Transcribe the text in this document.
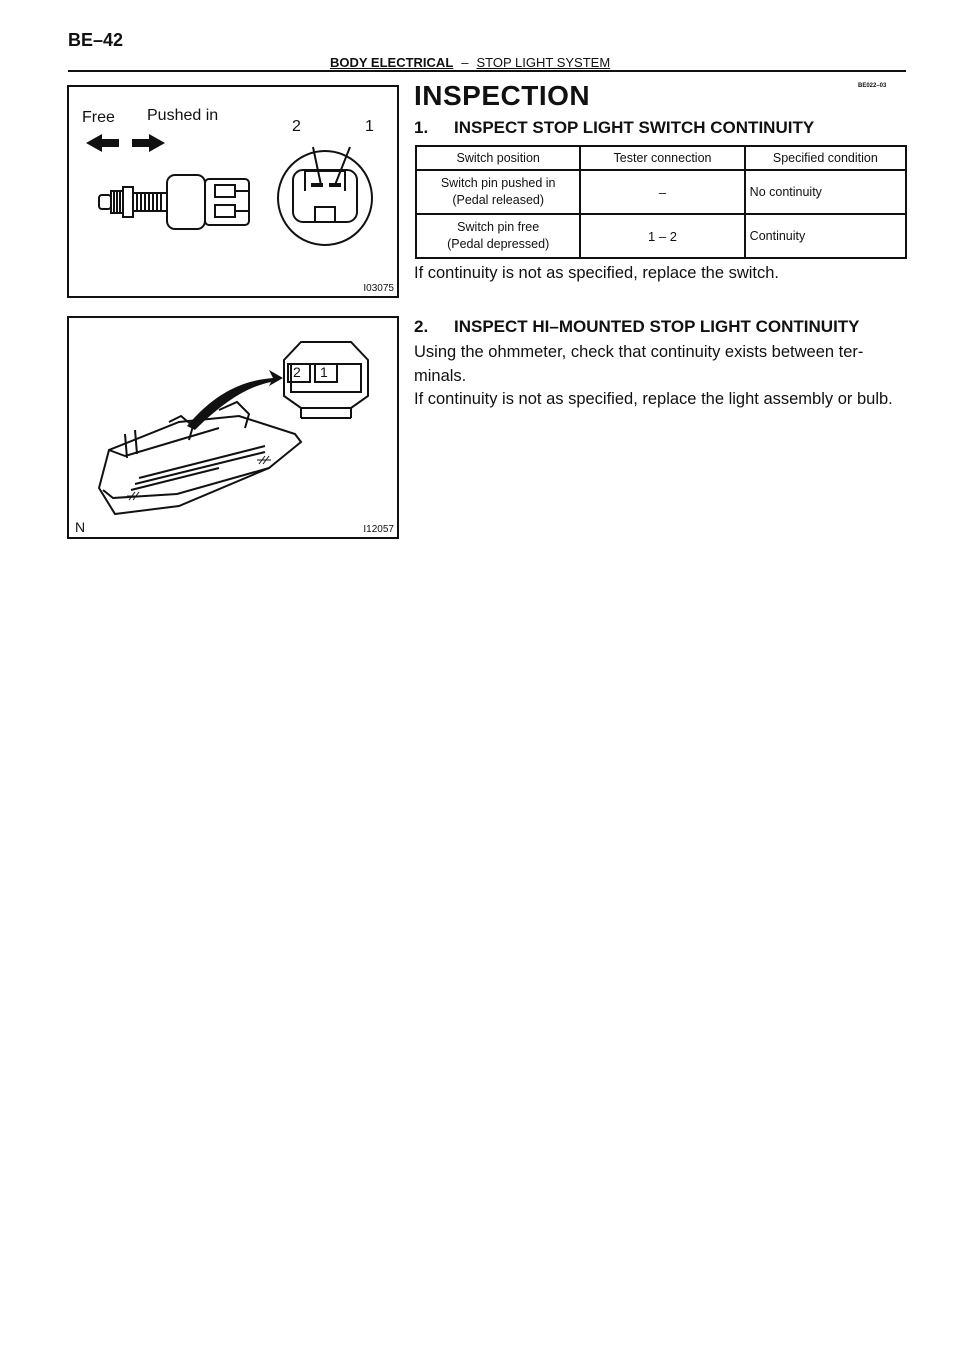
BE–42
BODY ELECTRICAL – STOP LIGHT SYSTEM
BE022–03
Free Pushed in
2	1
I03075
2 1
N	I12057
INSPECTION
1. INSPECT STOP LIGHT SWITCH CONTINUITY
Switch position	Tester connection	Specified condition
Switch pin pushed in
(Pedal released)	–	No continuity
Switch pin free
(Pedal depressed)	1 – 2	Continuity
If continuity is not as specified, replace the switch.
2. INSPECT HI–MOUNTED STOP LIGHT CONTINUITY
Using the ohmmeter, check that continuity exists between ter- minals.
If continuity is not as specified, replace the light assembly or bulb.
